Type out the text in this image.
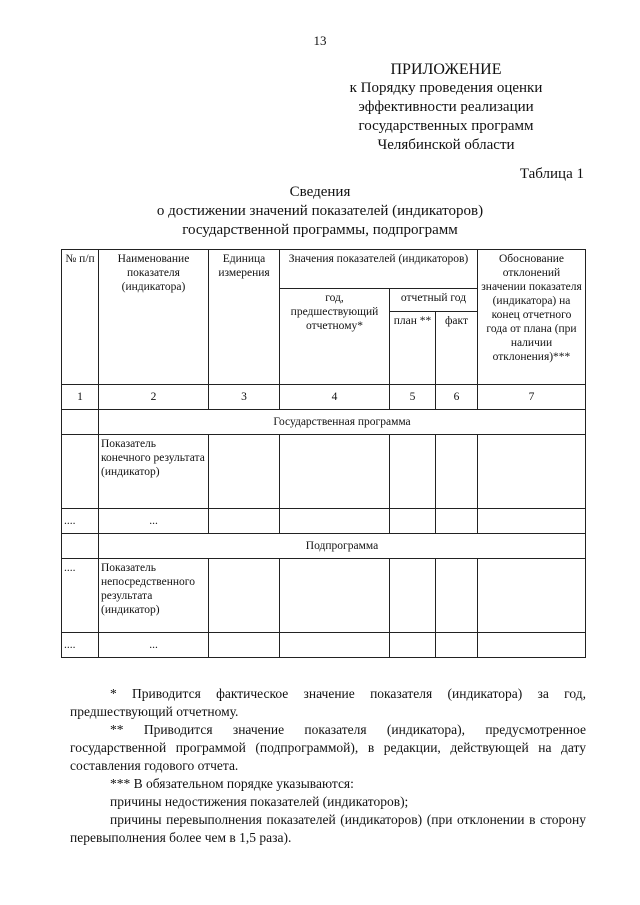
13
ПРИЛОЖЕНИЕ
к Порядку проведения оценки
эффективности реализации
государственных программ
Челябинской области
Таблица 1
Сведения
о достижении значений показателей (индикаторов)
государственной программы, подпрограмм
№ п/п	Наименование показателя (индикатора)	Единица измерения	Значения показателей (индикаторов)			Обоснование отклонений значении показателя (индикатора) на конец отчетного года от плана (при наличии отклонения)***
			год, предшествующий отчетному*	отчетный год		
				план **	факт	
1	2	3	4	5	6	7
	Государственная программа					
	Показатель конечного результата (индикатор)					
....	...					
	Подпрограмма					
....	Показатель непосредственного результата (индикатор)					
....	...					

* Приводится фактическое значение показателя (индикатора) за год, предшествующий отчетному.

** Приводится значение показателя (индикатора), предусмотренное государственной программой (подпрограммой), в редакции, действующей на дату составления годового отчета.

*** В обязательном порядке указываются:

причины недостижения показателей (индикаторов);

причины перевыполнения показателей (индикаторов) (при отклонении в сторону перевыполнения более чем в 1,5 раза).
